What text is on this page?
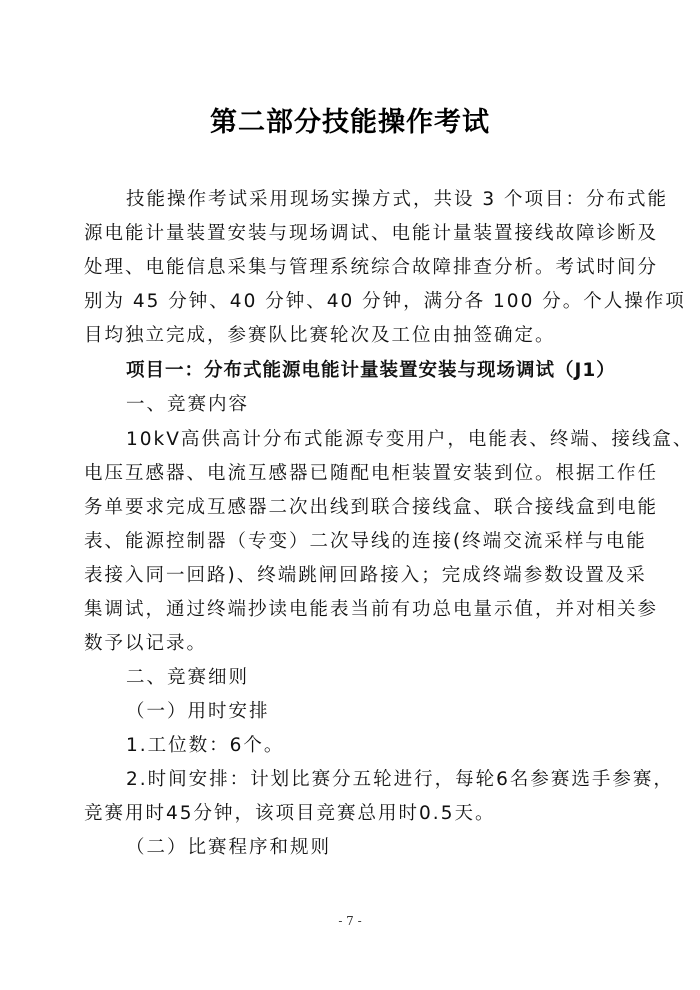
第二部分技能操作考试
技能操作考试采用现场实操方式，共设 3 个项目：分布式能
源电能计量装置安装与现场调试、电能计量装置接线故障诊断及
处理、电能信息采集与管理系统综合故障排查分析。考试时间分
别为 45 分钟、40 分钟、40 分钟，满分各 100 分。个人操作项
目均独立完成，参赛队比赛轮次及工位由抽签确定。
项目一：分布式能源电能计量装置安装与现场调试（J1）
一、竞赛内容
10kV高供高计分布式能源专变用户，电能表、终端、接线盒、
电压互感器、电流互感器已随配电柜装置安装到位。根据工作任
务单要求完成互感器二次出线到联合接线盒、联合接线盒到电能
表、能源控制器（专变）二次导线的连接(终端交流采样与电能
表接入同一回路)、终端跳闸回路接入；完成终端参数设置及采
集调试，通过终端抄读电能表当前有功总电量示值，并对相关参
数予以记录。
二、竞赛细则
（一）用时安排
1.工位数：6个。
2.时间安排：计划比赛分五轮进行，每轮6名参赛选手参赛，
竞赛用时45分钟，该项目竞赛总用时0.5天。
（二）比赛程序和规则
- 7 -
